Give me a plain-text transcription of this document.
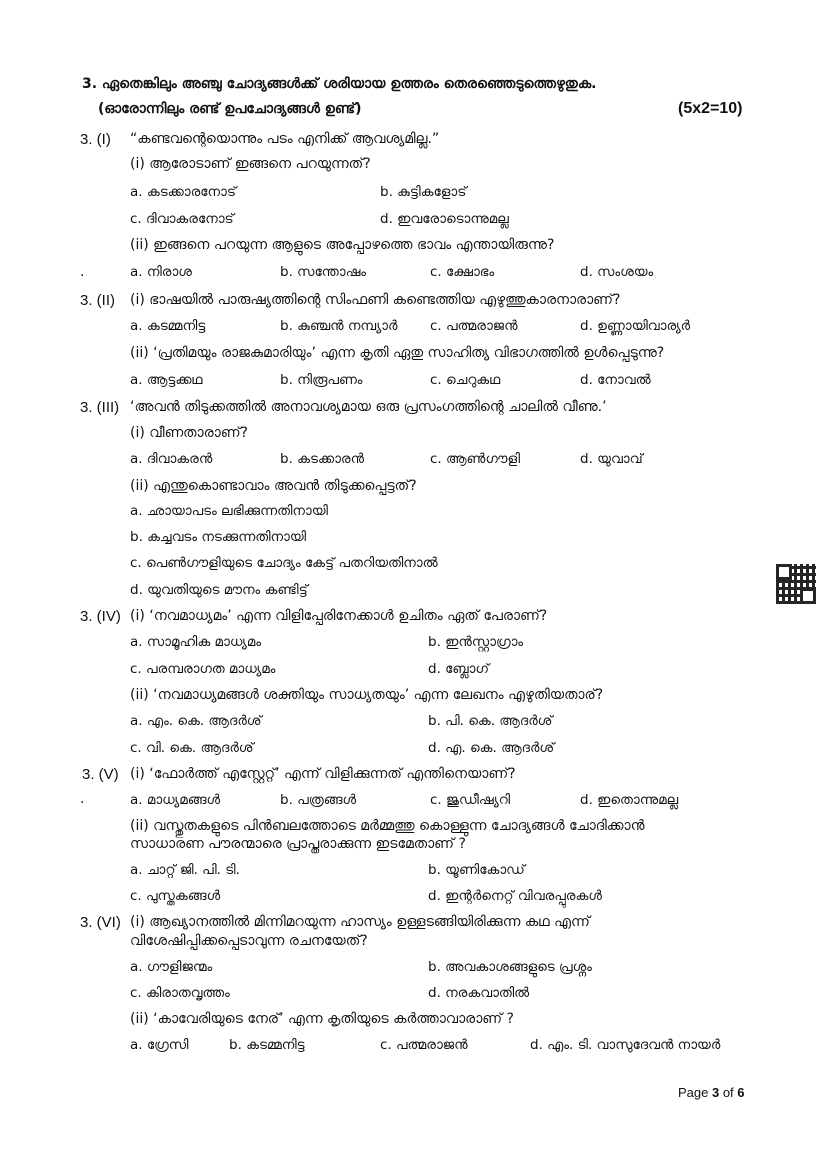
3. ഏതെങ്കിലും അഞ്ചു ചോദ്യങ്ങൾക്ക് ശരിയായ ഉത്തരം തെരഞ്ഞെടുത്തെഴുതുക.
(ഓരോന്നിലും രണ്ട് ഉപചോദ്യങ്ങൾ ഉണ്ട്)	(5x2=10)
3. (I) “കണ്ടവന്റെയൊന്നും പടം എനിക്ക് ആവശ്യമില്ല.”
(i) ആരോടാണ് ഇങ്ങനെ പറയുന്നത്?
a. കടക്കാരനോട്	b. കുട്ടികളോട്
c. ദിവാകരനോട്	d. ഇവരോടൊന്നുമല്ല
(ii) ഇങ്ങനെ പറയുന്ന ആളുടെ അപ്പോഴത്തെ ഭാവം എന്തായിരുന്നു?
.	a. നിരാശ	b. സന്തോഷം	c. ക്ഷോഭം	d. സംശയം
3. (II) (i) ഭാഷയിൽ പാരുഷ്യത്തിന്റെ സിംഫണി കണ്ടെത്തിയ എഴുത്തുകാരനാരാണ്?
a. കടമ്മനിട്ട	b. കുഞ്ചൻ നമ്പ്യാർ c. പത്മരാജൻ	d. ഉണ്ണായിവാര്യർ
(ii) ‘പ്രതിമയും രാജകുമാരിയും’ എന്ന കൃതി ഏതു സാഹിത്യ വിഭാഗത്തിൽ ഉൾപ്പെടുന്നു?
a. ആട്ടക്കഥ	b. നിരൂപണം	c. ചെറുകഥ	d. നോവൽ
3. (III) ‘അവൻ തിടുക്കത്തിൽ അനാവശ്യമായ ഒരു പ്രസംഗത്തിന്റെ ചാലിൽ വീണു.’
(i) വീണതാരാണ്?
a. ദിവാകരൻ	b. കടക്കാരൻ	c. ആൺഗൗളി	d. യുവാവ്
(ii) എന്തുകൊണ്ടാവാം അവൻ തിടുക്കപ്പെട്ടത്?
a. ഛായാപടം ലഭിക്കുന്നതിനായി
b. കച്ചവടം നടക്കുന്നതിനായി
c. പെൺഗൗളിയുടെ ചോദ്യം കേട്ട് പതറിയതിനാൽ
d. യുവതിയുടെ മൗനം കണ്ടിട്ട്
3. (IV) (i) ‘നവമാധ്യമം’ എന്ന വിളിപ്പേരിനേക്കാൾ ഉചിതം ഏത് പേരാണ്?
a. സാമൂഹിക മാധ്യമം	b. ഇൻസ്റ്റാഗ്രാം
c. പരമ്പരാഗത മാധ്യമം	d. ബ്ലോഗ്
(ii) ‘നവമാധ്യമങ്ങൾ ശക്തിയും സാധ്യതയും’ എന്ന ലേഖനം എഴുതിയതാര്?
a. എം. കെ. ആദർശ്	b. പി. കെ. ആദർശ്
c. വി. കെ. ആദർശ്	d. എ. കെ. ആദർശ്
3. (V) (i) ‘ഫോർത്ത് എസ്റ്റേറ്റ്’ എന്ന് വിളിക്കുന്നത് എന്തിനെയാണ്?
.	a. മാധ്യമങ്ങൾ	b. പത്രങ്ങൾ	c. ജുഡീഷ്യറി	d. ഇതൊന്നുമല്ല
(ii) വസ്തുതകളുടെ പിൻബലത്തോടെ മർമ്മത്തു കൊള്ളുന്ന ചോദ്യങ്ങൾ ചോദിക്കാൻ
സാധാരണ പൗരന്മാരെ പ്രാപ്തരാക്കുന്ന ഇടമേതാണ് ?
a. ചാറ്റ് ജി. പി. ടി.	b. യൂണികോഡ്
c. പുസ്തകങ്ങൾ	d. ഇന്റർനെറ്റ് വിവരപ്പുരകൾ
3. (VI) (i) ആഖ്യാനത്തിൽ മിന്നിമറയുന്ന ഹാസ്യം ഉള്ളടങ്ങിയിരിക്കുന്ന കഥ എന്ന്
വിശേഷിപ്പിക്കപ്പെടാവുന്ന രചനയേത്?
a. ഗൗളിജന്മം	b. അവകാശങ്ങളുടെ പ്രശ്നം
c. കിരാതവൃത്തം	d. നരകവാതിൽ
(ii) ‘കാവേരിയുടെ നേര്’ എന്ന കൃതിയുടെ കർത്താവാരാണ് ?
a. ഗ്രേസി	b. കടമ്മനിട്ട	c. പത്മരാജൻ	d. എം. ടി. വാസുദേവൻ നായർ
Page 3 of 6
